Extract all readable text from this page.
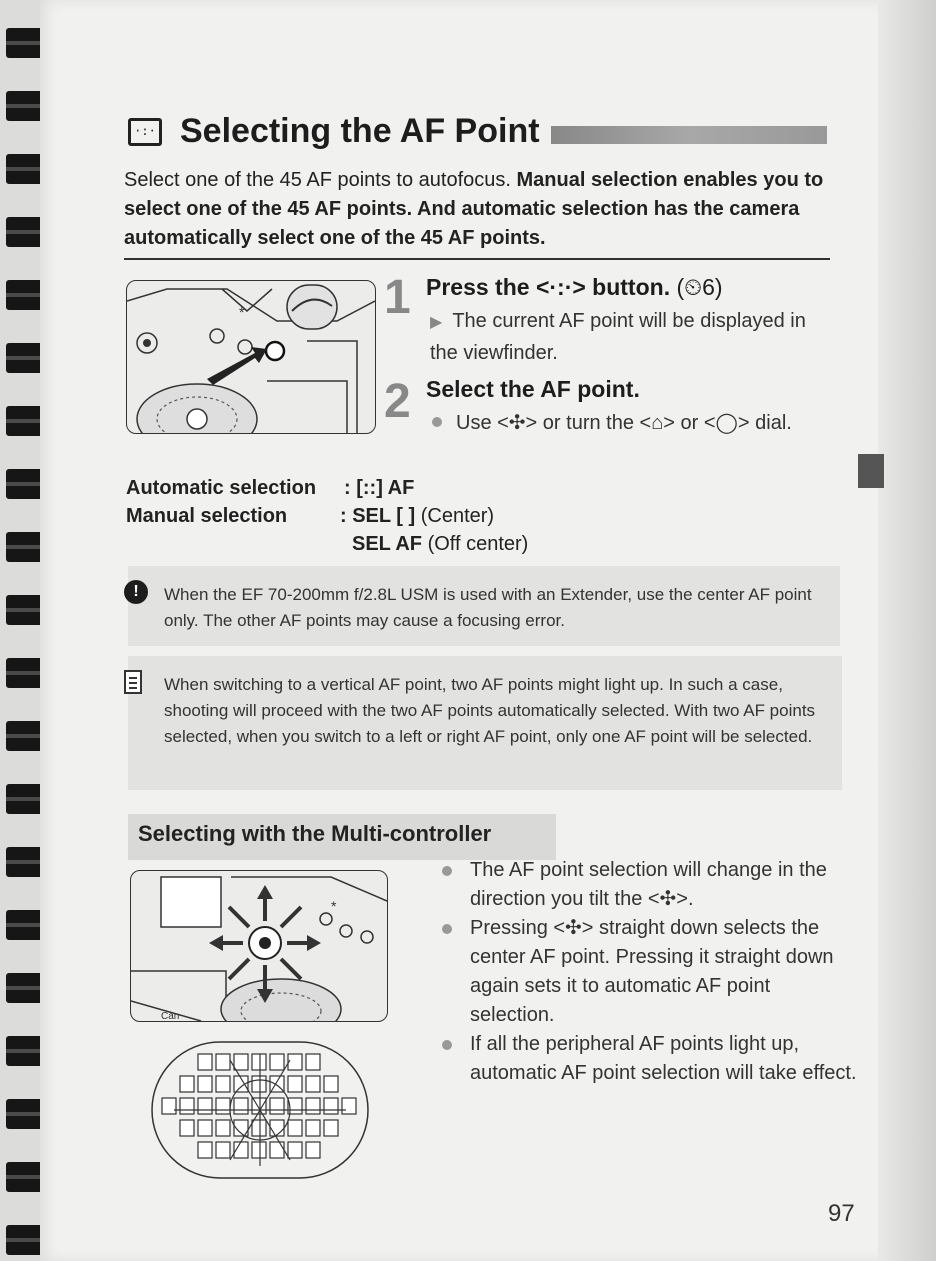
·:· Selecting the AF Point
Select one of the 45 AF points to autofocus. Manual selection enables you to select one of the 45 AF points. And automatic selection has the camera automatically select one of the 45 AF points.
*	1 Press the <·:·> button. (⏲6)
▶ The current AF point will be displayed in the viewfinder.
2 Select the AF point.
Use <✣> or turn the <⌂> or <◯> dial.
Automatic selection : [::] AF
Manual selection	: SEL [ ] (Center)
SEL AF (Off center)
!	When the EF 70-200mm f/2.8L USM is used with an Extender, use the center AF point only. The other AF points may cause a focusing error.
When switching to a vertical AF point, two AF points might light up. In such a case, shooting will proceed with the two AF points automatically selected. With two AF points selected, when you switch to a left or right AF point, only one AF point will be selected.
Selecting with the Multi-controller
Can
*
The AF point selection will change in the direction you tilt the <✣>.
Pressing <✣> straight down selects the center AF point. Pressing it straight down again sets it to automatic AF point selection.
If all the peripheral AF points light up, automatic AF point selection will take effect.
97
